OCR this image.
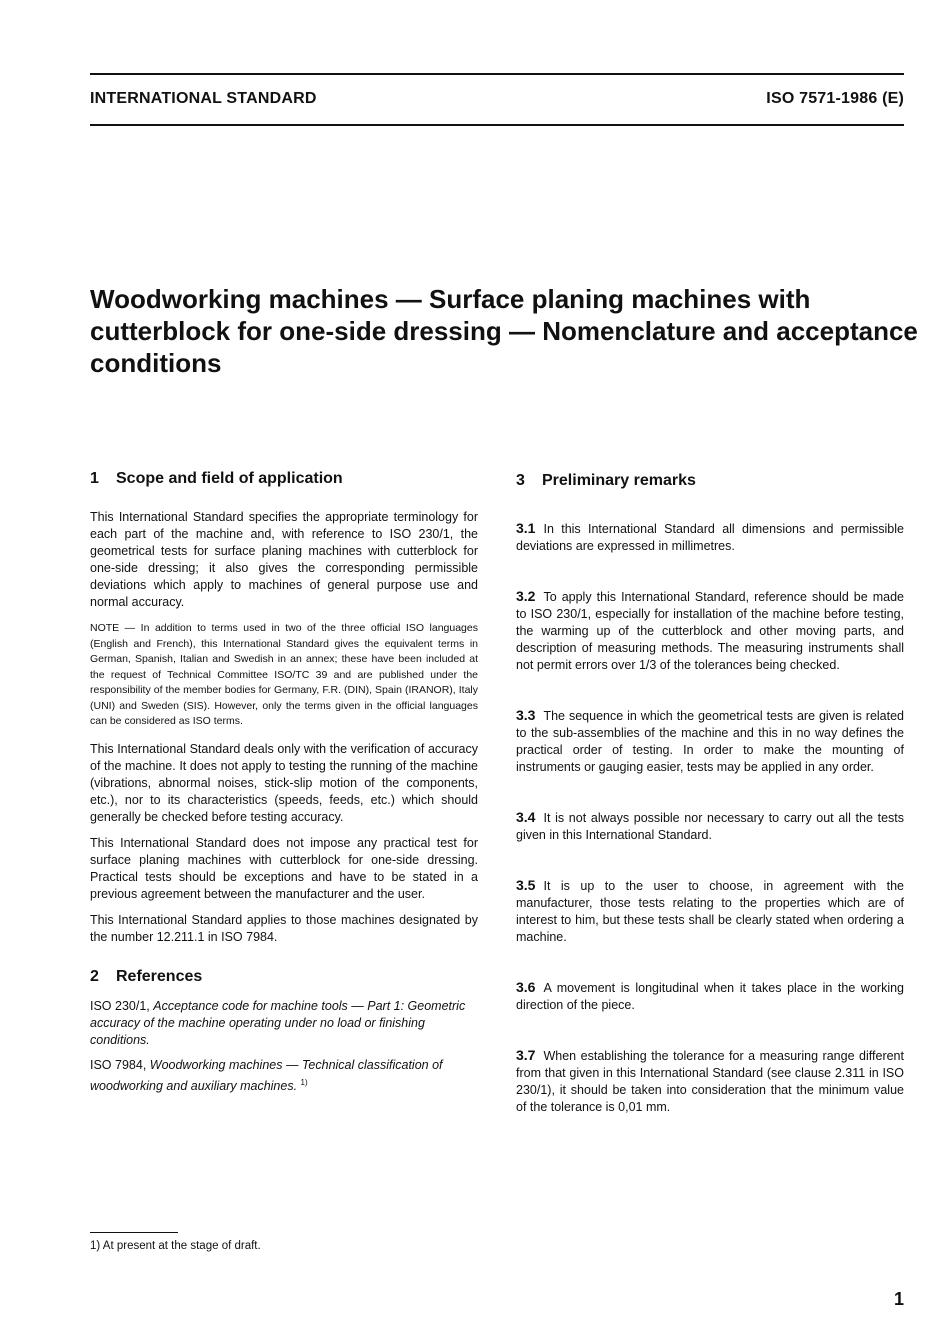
INTERNATIONAL STANDARD	ISO 7571-1986 (E)
Woodworking machines — Surface planing machines with cutterblock for one-side dressing — Nomenclature and acceptance conditions
1	Scope and field of application

This International Standard specifies the appropriate terminology for each part of the machine and, with reference to ISO 230/1, the geometrical tests for surface planing machines with cutterblock for one-side dressing; it also gives the corresponding permissible deviations which apply to machines of general purpose use and normal accuracy.

NOTE — In addition to terms used in two of the three official ISO languages (English and French), this International Standard gives the equivalent terms in German, Spanish, Italian and Swedish in an annex; these have been included at the request of Technical Committee ISO/TC 39 and are published under the responsibility of the member bodies for Germany, F.R. (DIN), Spain (IRANOR), Italy (UNI) and Sweden (SIS). However, only the terms given in the official languages can be considered as ISO terms.

This International Standard deals only with the verification of accuracy of the machine. It does not apply to testing the running of the machine (vibrations, abnormal noises, stick-slip motion of the components, etc.), nor to its characteristics (speeds, feeds, etc.) which should generally be checked before testing accuracy.

This International Standard does not impose any practical test for surface planing machines with cutterblock for one-side dressing. Practical tests should be exceptions and have to be stated in a previous agreement between the manufacturer and the user.

This International Standard applies to those machines designated by the number 12.211.1 in ISO 7984.

2	References

ISO 230/1, Acceptance code for machine tools — Part 1: Geometric accuracy of the machine operating under no load or finishing conditions.

ISO 7984, Woodworking machines — Technical classification of woodworking and auxiliary machines. $^{1)}$

3	Preliminary remarks

3.1 In this International Standard all dimensions and permissible deviations are expressed in millimetres.

3.2 To apply this International Standard, reference should be made to ISO 230/1, especially for installation of the machine before testing, the warming up of the cutterblock and other moving parts, and description of measuring methods. The measuring instruments shall not permit errors over 1/3 of the tolerances being checked.

3.3 The sequence in which the geometrical tests are given is related to the sub-assemblies of the machine and this in no way defines the practical order of testing. In order to make the mounting of instruments or gauging easier, tests may be applied in any order.

3.4 It is not always possible nor necessary to carry out all the tests given in this International Standard.

3.5 It is up to the user to choose, in agreement with the manufacturer, those tests relating to the properties which are of interest to him, but these tests shall be clearly stated when ordering a machine.

3.6 A movement is longitudinal when it takes place in the working direction of the piece.

3.7 When establishing the tolerance for a measuring range different from that given in this International Standard (see clause 2.311 in ISO 230/1), it should be taken into consideration that the minimum value of the tolerance is 0,01 mm.

1) At present at the stage of draft.
1
